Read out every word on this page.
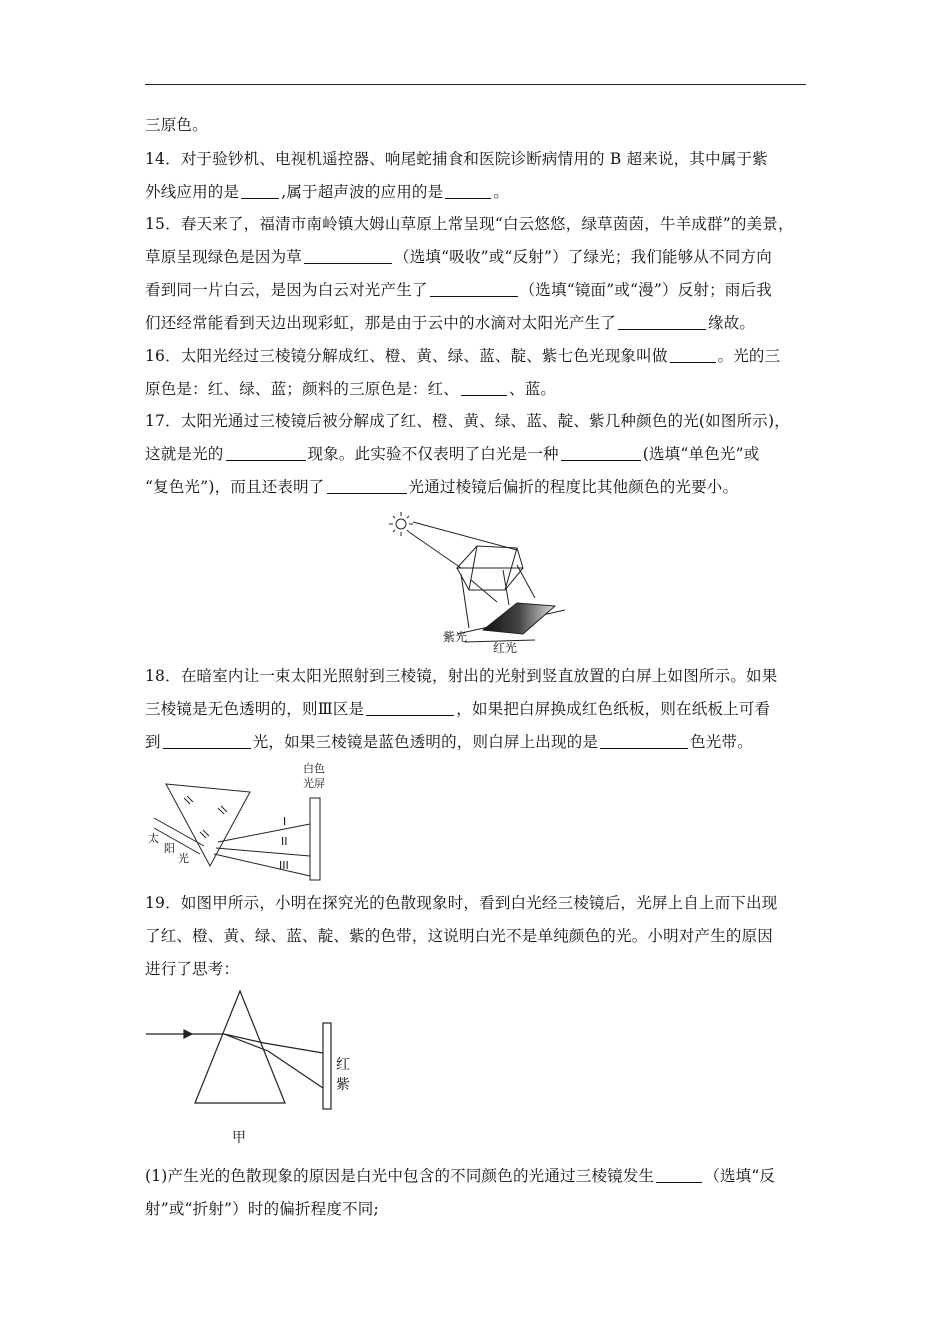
三原色。
14．对于验钞机、电视机遥控器、响尾蛇捕食和医院诊断病情用的 B 超来说，其中属于紫
外线应用的是	,属于超声波的应用的是	。
15．春天来了，福清市南岭镇大姆山草原上常呈现“白云悠悠，绿草茵茵，牛羊成群”的美景，
草原呈现绿色是因为草	（选填“吸收”或“反射”）了绿光；我们能够从不同方向
看到同一片白云，是因为白云对光产生了	（选填“镜面”或“漫”）反射；雨后我
们还经常能看到天边出现彩虹，那是由于云中的水滴对太阳光产生了	缘故。
16．太阳光经过三棱镜分解成红、橙、黄、绿、蓝、靛、紫七色光现象叫做	。光的三
原色是：红、绿、蓝；颜料的三原色是：红、	、蓝。
17．太阳光通过三棱镜后被分解成了红、橙、黄、绿、蓝、靛、紫几种颜色的光(如图所示)，
这就是光的	现象。此实验不仅表明了白光是一种	(选填“单色光”或
“复色光”)，而且还表明了	光通过棱镜后偏折的程度比其他颜色的光要小。
紫光
红光
18．在暗室内让一束太阳光照射到三棱镜，射出的光射到竖直放置的白屏上如图所示。如果
三棱镜是无色透明的，则Ⅲ区是	，如果把白屏换成红色纸板，则在纸板上可看
到	光，如果三棱镜是蓝色透明的，则白屏上出现的是	色光带。
白色
光屏
太
阳
光
I
II
III
19．如图甲所示，小明在探究光的色散现象时，看到白光经三棱镜后，光屏上自上而下出现
了红、橙、黄、绿、蓝、靛、紫的色带，这说明白光不是单纯颜色的光。小明对产生的原因
进行了思考：
红
紫
甲
(1)产生光的色散现象的原因是白光中包含的不同颜色的光通过三棱镜发生	（选填“反
射”或“折射”）时的偏折程度不同;
